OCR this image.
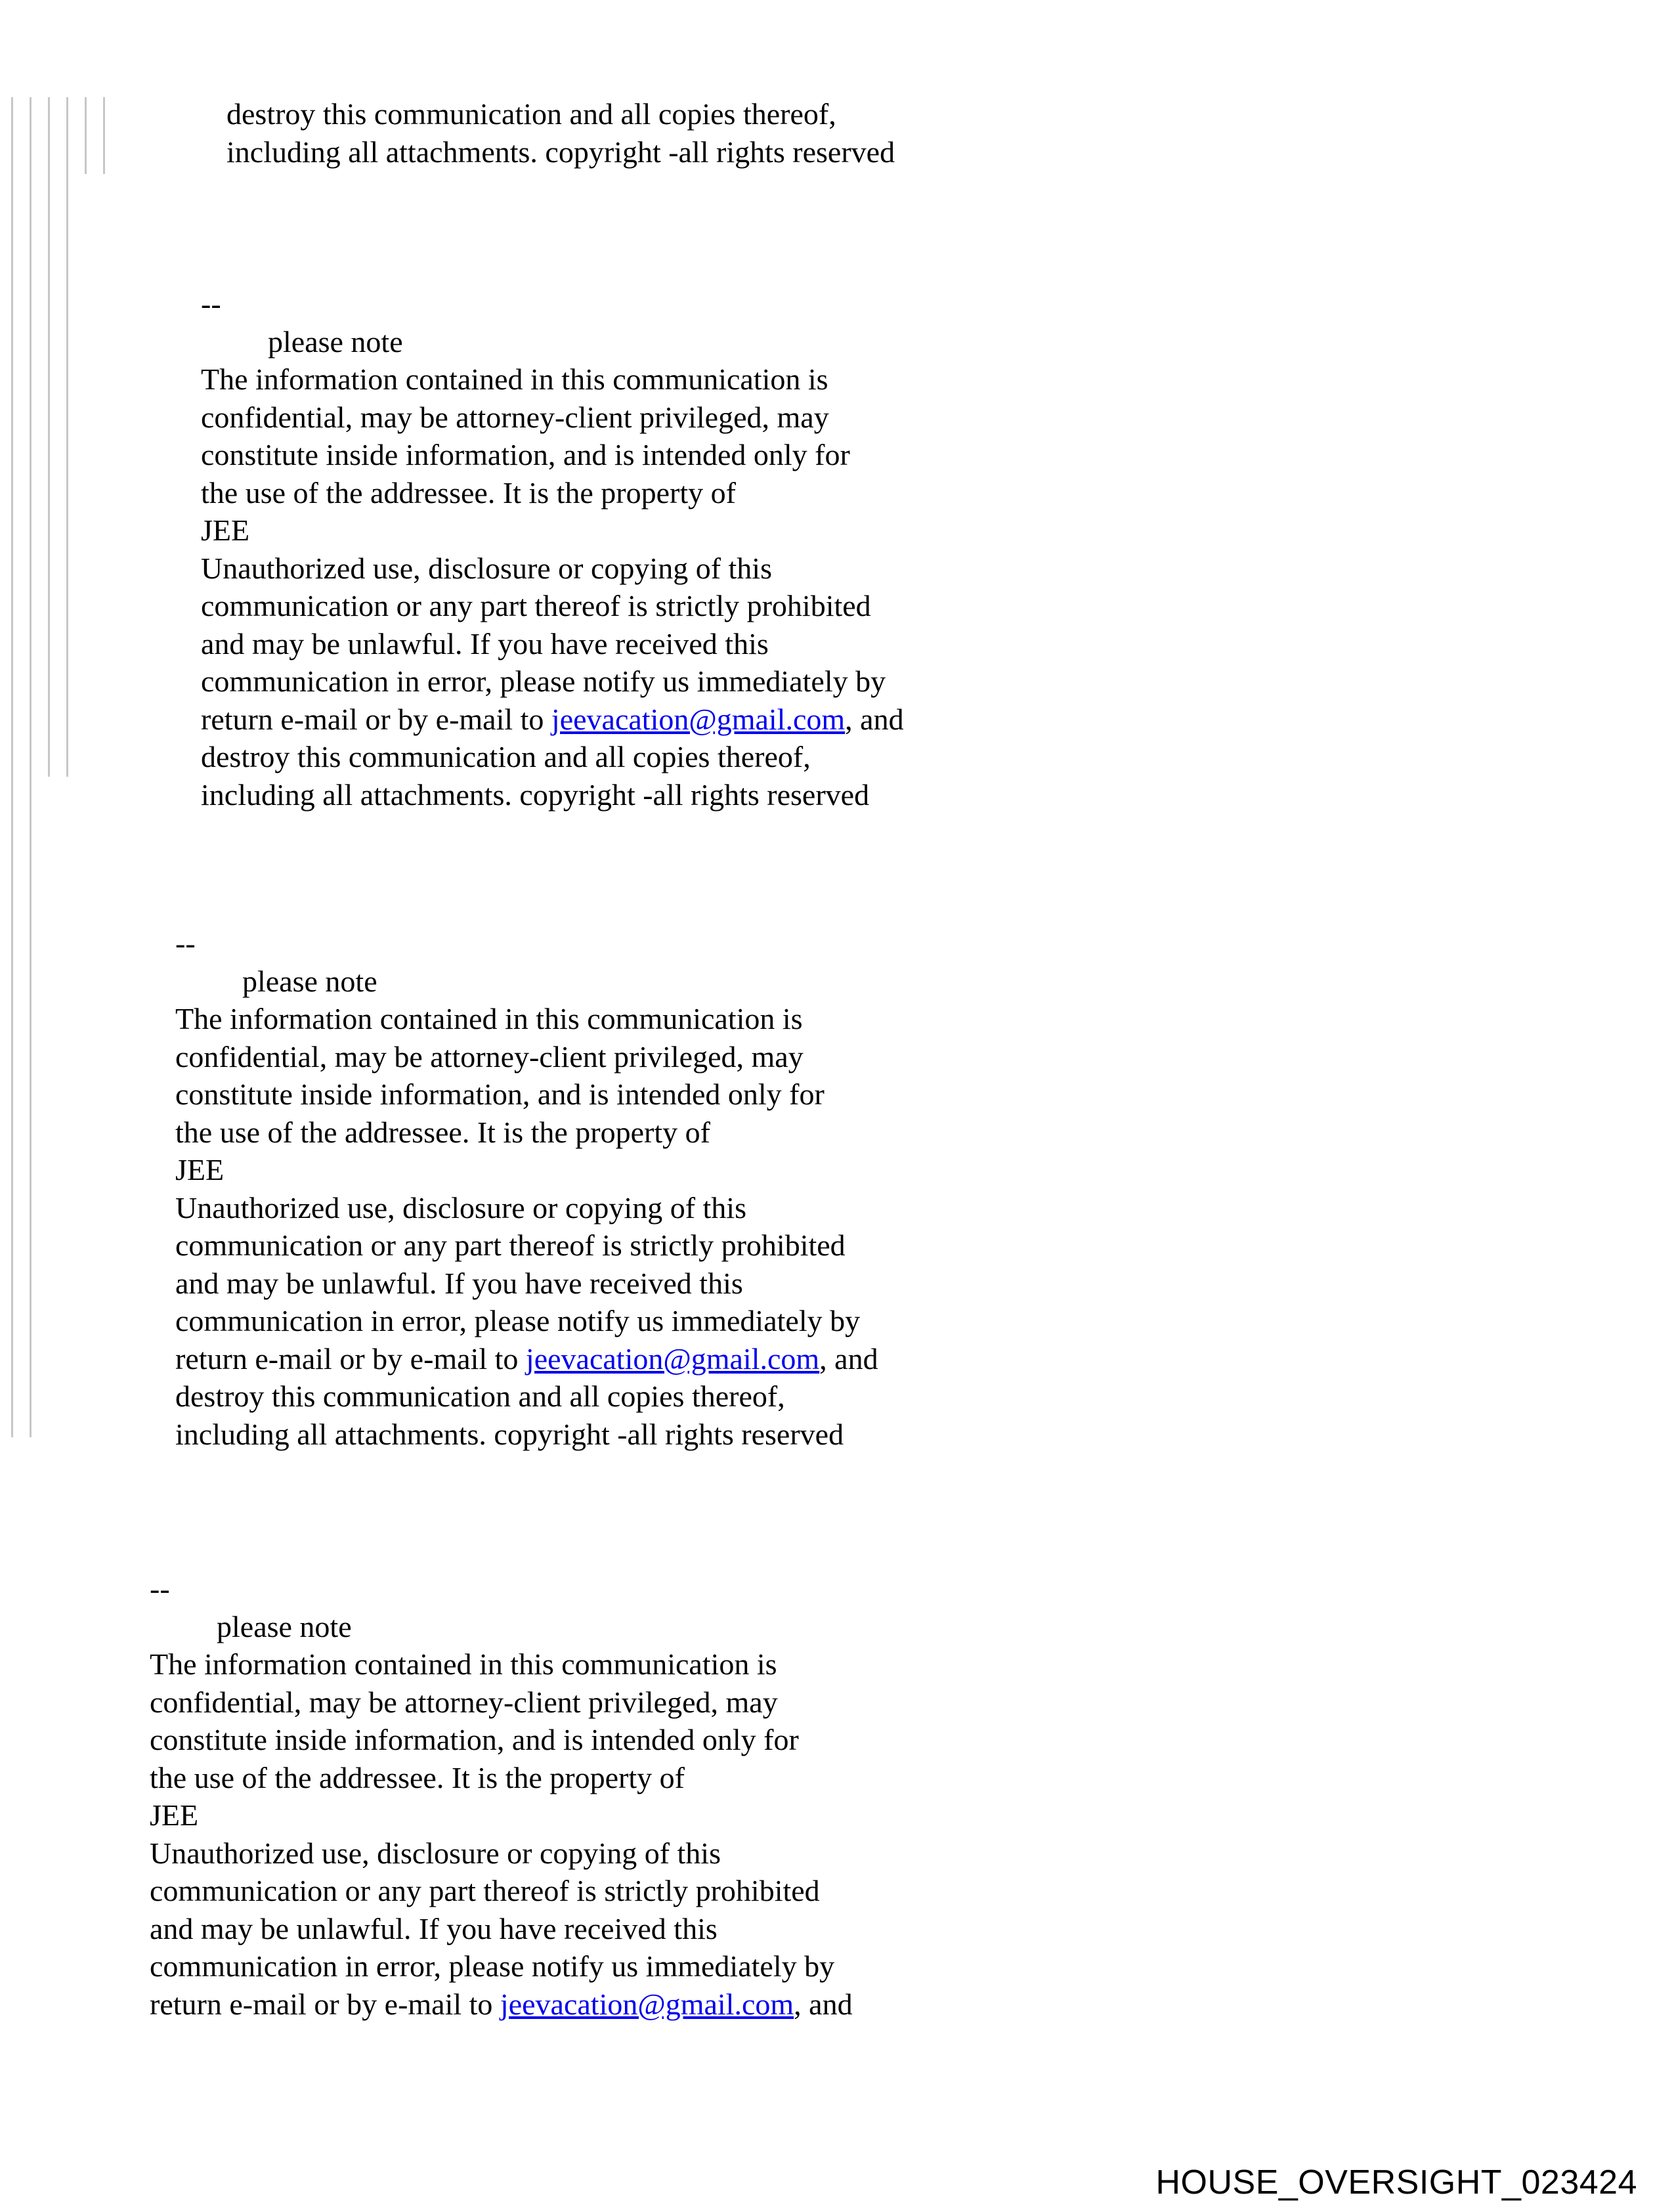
destroy this communication and all copies thereof,
including all attachments. copyright -all rights reserved
--
please note
The information contained in this communication is
confidential, may be attorney-client privileged, may
constitute inside information, and is intended only for
the use of the addressee. It is the property of
JEE
Unauthorized use, disclosure or copying of this
communication or any part thereof is strictly prohibited
and may be unlawful. If you have received this
communication in error, please notify us immediately by
return e-mail or by e-mail to jeevacation@gmail.com, and
destroy this communication and all copies thereof,
including all attachments. copyright -all rights reserved
--
please note
The information contained in this communication is
confidential, may be attorney-client privileged, may
constitute inside information, and is intended only for
the use of the addressee. It is the property of
JEE
Unauthorized use, disclosure or copying of this
communication or any part thereof is strictly prohibited
and may be unlawful. If you have received this
communication in error, please notify us immediately by
return e-mail or by e-mail to jeevacation@gmail.com, and
destroy this communication and all copies thereof,
including all attachments. copyright -all rights reserved
--
please note
The information contained in this communication is
confidential, may be attorney-client privileged, may
constitute inside information, and is intended only for
the use of the addressee. It is the property of
JEE
Unauthorized use, disclosure or copying of this
communication or any part thereof is strictly prohibited
and may be unlawful. If you have received this
communication in error, please notify us immediately by
return e-mail or by e-mail to jeevacation@gmail.com, and
HOUSE_OVERSIGHT_023424
